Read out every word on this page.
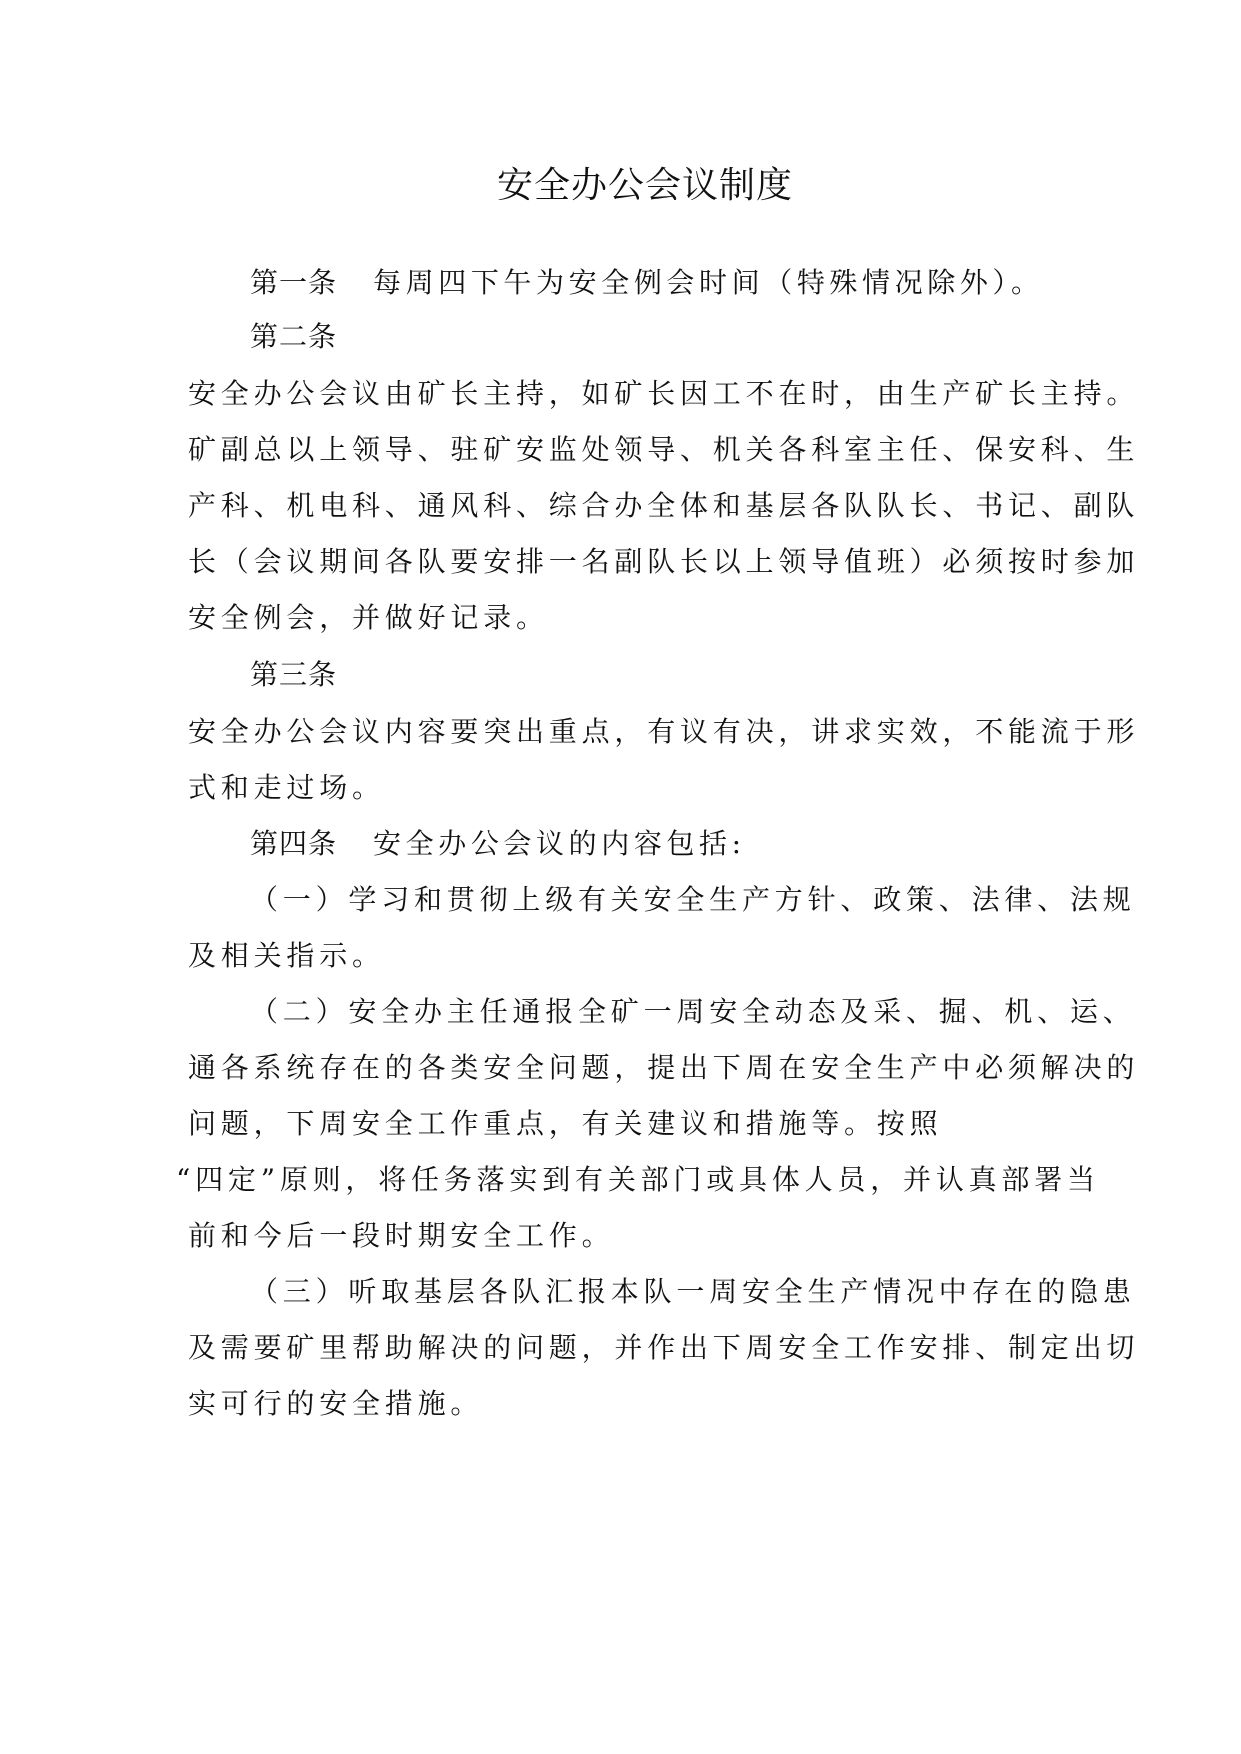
安全办公会议制度
第一条 每周四下午为安全例会时间（特殊情况除外）。
第二条
安全办公会议由矿长主持，如矿长因工不在时，由生产矿长主持。
矿副总以上领导、驻矿安监处领导、机关各科室主任、保安科、生
产科、机电科、通风科、综合办全体和基层各队队长、书记、副队
长（会议期间各队要安排一名副队长以上领导值班）必须按时参加
安全例会，并做好记录。
第三条
安全办公会议内容要突出重点，有议有决，讲求实效，不能流于形
式和走过场。
第四条 安全办公会议的内容包括:
（一）学习和贯彻上级有关安全生产方针、政策、法律、法规
及相关指示。
（二）安全办主任通报全矿一周安全动态及采、掘、机、运、
通各系统存在的各类安全问题，提出下周在安全生产中必须解决的
问题，下周安全工作重点，有关建议和措施等。按照
“四定”原则，将任务落实到有关部门或具体人员，并认真部署当
前和今后一段时期安全工作。
（三）听取基层各队汇报本队一周安全生产情况中存在的隐患
及需要矿里帮助解决的问题，并作出下周安全工作安排、制定出切
实可行的安全措施。
